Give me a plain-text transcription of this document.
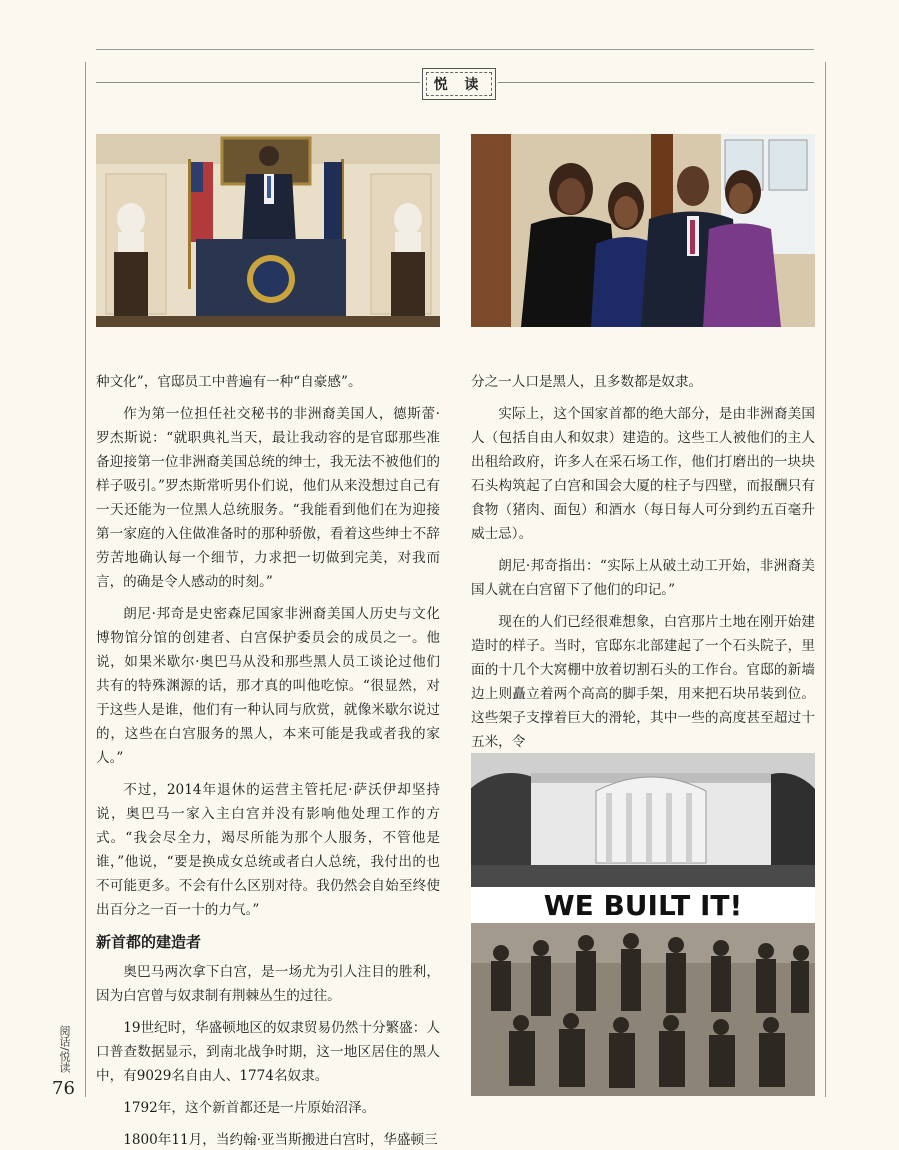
悦 读
WE BUILT IT!

种文化”，官邸员工中普遍有一种“自豪感”。

作为第一位担任社交秘书的非洲裔美国人，德斯蕾·罗杰斯说：“就职典礼当天，最让我动容的是官邸那些准备迎接第一位非洲裔美国总统的绅士，我无法不被他们的样子吸引。”罗杰斯常听男仆们说，他们从来没想过自己有一天还能为一位黑人总统服务。“我能看到他们在为迎接第一家庭的入住做准备时的那种骄傲，看着这些绅士不辞劳苦地确认每一个细节，力求把一切做到完美，对我而言，的确是令人感动的时刻。”

朗尼·邦奇是史密森尼国家非洲裔美国人历史与文化博物馆分馆的创建者、白宫保护委员会的成员之一。他说，如果米歇尔·奥巴马从没和那些黑人员工谈论过他们共有的特殊渊源的话，那才真的叫他吃惊。“很显然，对于这些人是谁，他们有一种认同与欣赏，就像米歇尔说过的，这些在白宫服务的黑人，本来可能是我或者我的家人。”

不过，2014年退休的运营主管托尼·萨沃伊却坚持说，奥巴马一家入主白宫并没有影响他处理工作的方式。“我会尽全力，竭尽所能为那个人服务，不管他是谁，”他说，“要是换成女总统或者白人总统，我付出的也不可能更多。不会有什么区别对待。我仍然会自始至终使出百分之一百一十的力气。”

新首都的建造者

奥巴马两次拿下白宫，是一场尤为引人注目的胜利，因为白宫曾与奴隶制有荆棘丛生的过往。

19世纪时，华盛顿地区的奴隶贸易仍然十分繁盛：人口普查数据显示，到南北战争时期，这一地区居住的黑人中，有9029名自由人、1774名奴隶。

1792年，这个新首都还是一片原始沼泽。

1800年11月，当约翰·亚当斯搬进白宫时，华盛顿三

分之一人口是黑人，且多数都是奴隶。

实际上，这个国家首都的绝大部分，是由非洲裔美国人（包括自由人和奴隶）建造的。这些工人被他们的主人出租给政府，许多人在采石场工作，他们打磨出的一块块石头构筑起了白宫和国会大厦的柱子与四壁，而报酬只有食物（猪肉、面包）和酒水（每日每人可分到约五百毫升威士忌）。

朗尼·邦奇指出：“实际上从破土动工开始，非洲裔美国人就在白宫留下了他们的印记。”

现在的人们已经很难想象，白宫那片土地在刚开始建造时的样子。当时，官邸东北部建起了一个石头院子，里面的十几个大窝棚中放着切割石头的工作台。官邸的新墙边上则矗立着两个高高的脚手架，用来把石块吊装到位。这些架子支撑着巨大的滑轮，其中一些的高度甚至超过十五米，令

阅话/悦读
76
